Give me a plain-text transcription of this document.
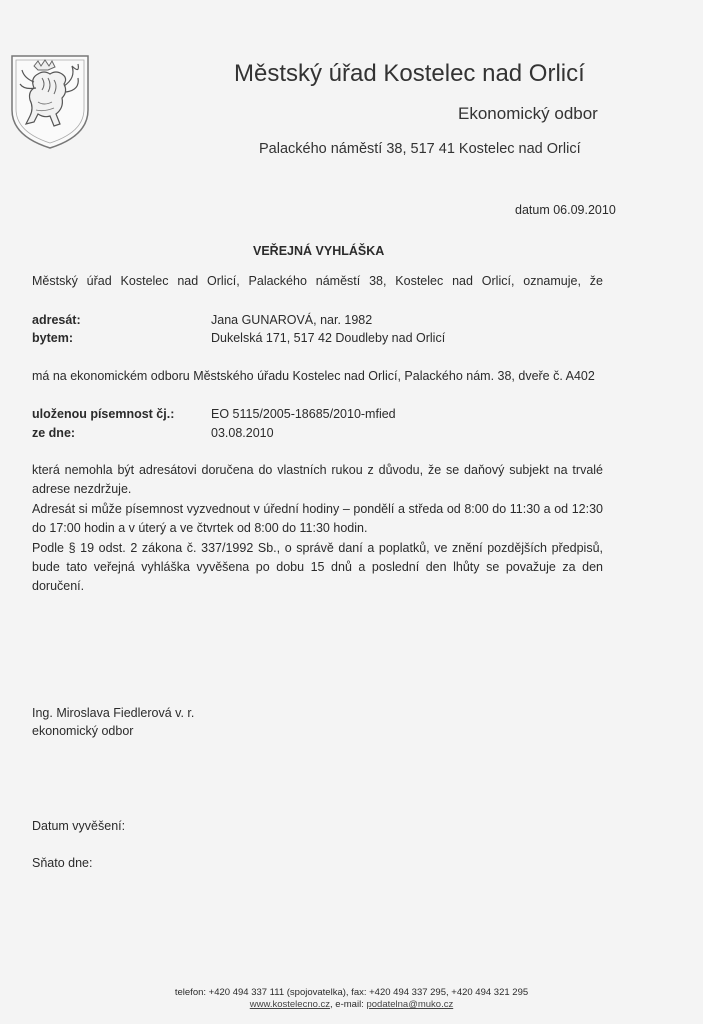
Městský úřad Kostelec nad Orlicí
Ekonomický odbor
Palackého náměstí 38, 517 41 Kostelec nad Orlicí
datum 06.09.2010
VEŘEJNÁ VYHLÁŠKA
Městský úřad Kostelec nad Orlicí, Palackého náměstí 38, Kostelec nad Orlicí, oznamuje, že
adresát:	Jana GUNAROVÁ, nar. 1982
bytem:	Dukelská 171, 517 42 Doudleby nad Orlicí
má na ekonomickém odboru Městského úřadu Kostelec nad Orlicí, Palackého nám. 38, dveře č. A402
uloženou písemnost čj.:	EO 5115/2005-18685/2010-mfied
ze dne:	03.08.2010

která nemohla být adresátovi doručena do vlastních rukou z důvodu, že se daňový subjekt na trvalé adrese nezdržuje.

Adresát si může písemnost vyzvednout v úřední hodiny – pondělí a středa od 8:00 do 11:30 a od 12:30 do 17:00 hodin a v úterý a ve čtvrtek od 8:00 do 11:30 hodin.

Podle § 19 odst. 2 zákona č. 337/1992 Sb., o správě daní a poplatků, ve znění pozdějších předpisů, bude tato veřejná vyhláška vyvěšena po dobu 15 dnů a poslední den lhůty se považuje za den doručení.

Ing. Miroslava Fiedlerová v. r.
ekonomický odbor
Datum vyvěšení:
Sňato dne:
telefon: +420 494 337 111 (spojovatelka), fax: +420 494 337 295, +420 494 321 295
www.kostelecno.cz, e-mail: podatelna@muko.cz
